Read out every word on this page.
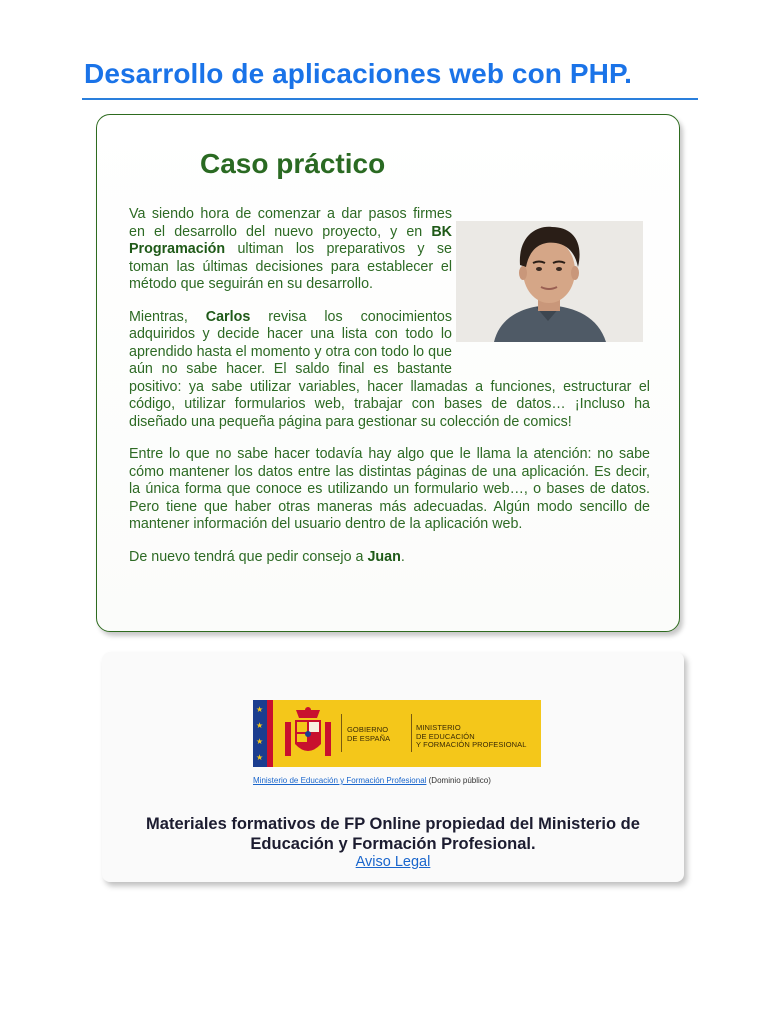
Desarrollo de aplicaciones web con PHP.
Caso práctico

Va siendo hora de comenzar a dar pasos firmes en el desarrollo del nuevo proyecto, y en BK Programación ultiman los preparativos y se toman las últimas decisiones para establecer el método que seguirán en su desarrollo.

Mientras, Carlos revisa los conocimientos adquiridos y decide hacer una lista con todo lo aprendido hasta el momento y otra con todo lo que aún no sabe hacer. El saldo final es bastante positivo: ya sabe utilizar variables, hacer llamadas a funciones, estructurar el código, utilizar formularios web, trabajar con bases de datos… ¡Incluso ha diseñado una pequeña página para gestionar su colección de comics!

Entre lo que no sabe hacer todavía hay algo que le llama la atención: no sabe cómo mantener los datos entre las distintas páginas de una aplicación. Es decir, la única forma que conoce es utilizando un formulario web…, o bases de datos. Pero tiene que haber otras maneras más adecuadas. Algún modo sencillo de mantener información del usuario dentro de la aplicación web.

De nuevo tendrá que pedir consejo a Juan.

★
★
★
★
GOBIERNO
DE ESPAÑA
MINISTERIO
DE EDUCACIÓN
Y FORMACIÓN PROFESIONAL
Ministerio de Educación y Formación Profesional (Dominio público)
Materiales formativos de FP Online propiedad del Ministerio de
Educación y Formación Profesional.
Aviso Legal
